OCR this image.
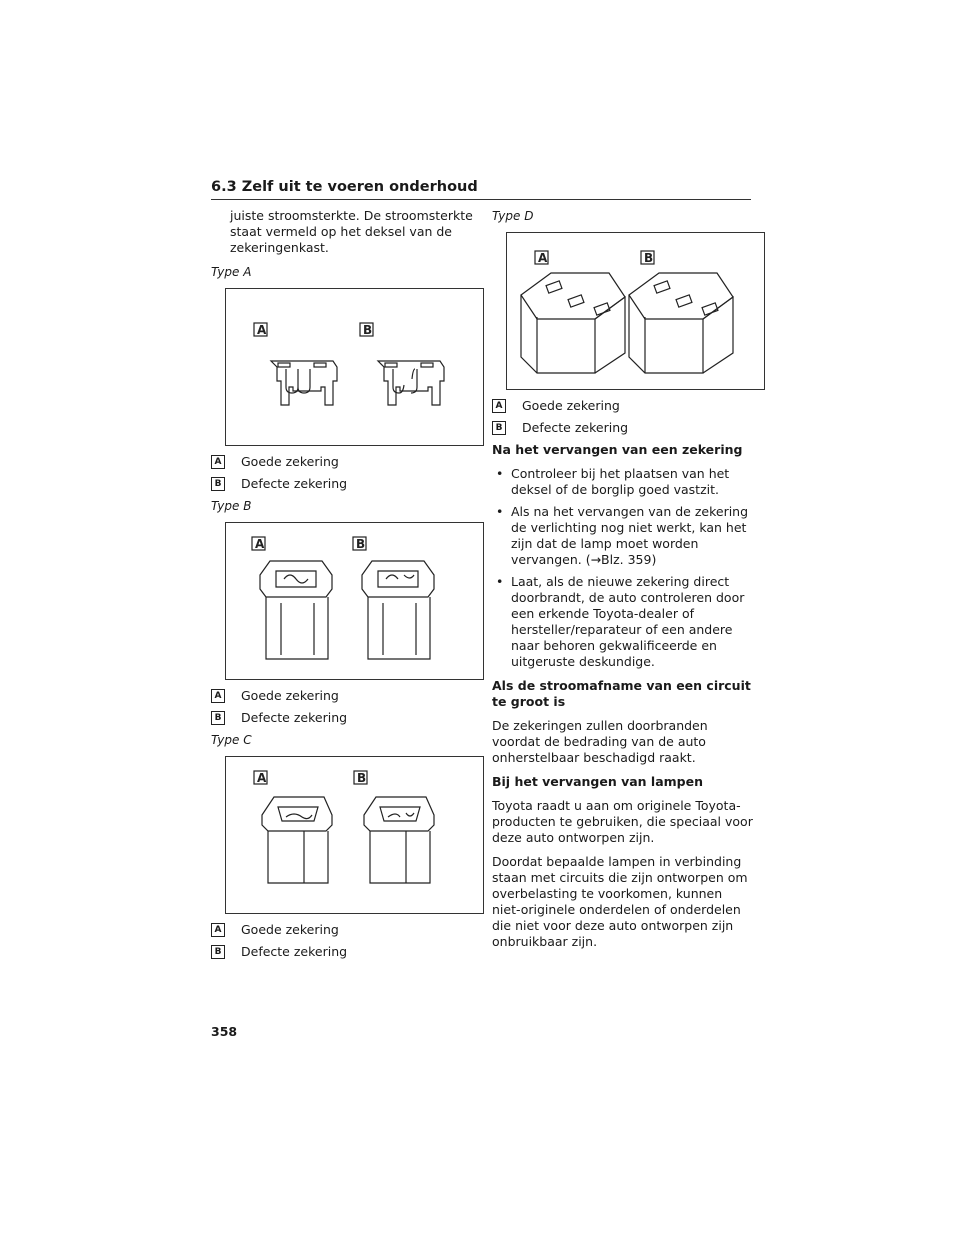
6.3 Zelf uit te voeren onderhoud

juiste stroomsterkte. De stroomsterkte staat vermeld op het deksel van de zekeringenkast.

Type A
A	B
A Goede zekering
B Defecte zekering
Type B
A	B
A Goede zekering
B Defecte zekering
Type C
A	B
A Goede zekering
B Defecte zekering
Type D
A	B
A Goede zekering
B Defecte zekering

Na het vervangen van een zekering

• Controleer bij het plaatsen van het deksel of de borglip goed vastzit.
• Als na het vervangen van de zekering de verlichting nog niet werkt, kan het zijn dat de lamp moet worden vervangen. (→Blz. 359)
• Laat, als de nieuwe zekering direct doorbrandt, de auto controleren door een erkende Toyota-dealer of hersteller/reparateur of een andere naar behoren gekwalificeerde en uitgeruste deskundige.

Als de stroomafname van een circuit te groot is

De zekeringen zullen doorbranden voordat de bedrading van de auto onherstelbaar beschadigd raakt.

Bij het vervangen van lampen

Toyota raadt u aan om originele Toyota-producten te gebruiken, die speciaal voor deze auto ontworpen zijn.

Doordat bepaalde lampen in verbinding staan met circuits die zijn ontworpen om overbelasting te voorkomen, kunnen niet-originele onderdelen of onderdelen die niet voor deze auto ontworpen zijn onbruikbaar zijn.

358
